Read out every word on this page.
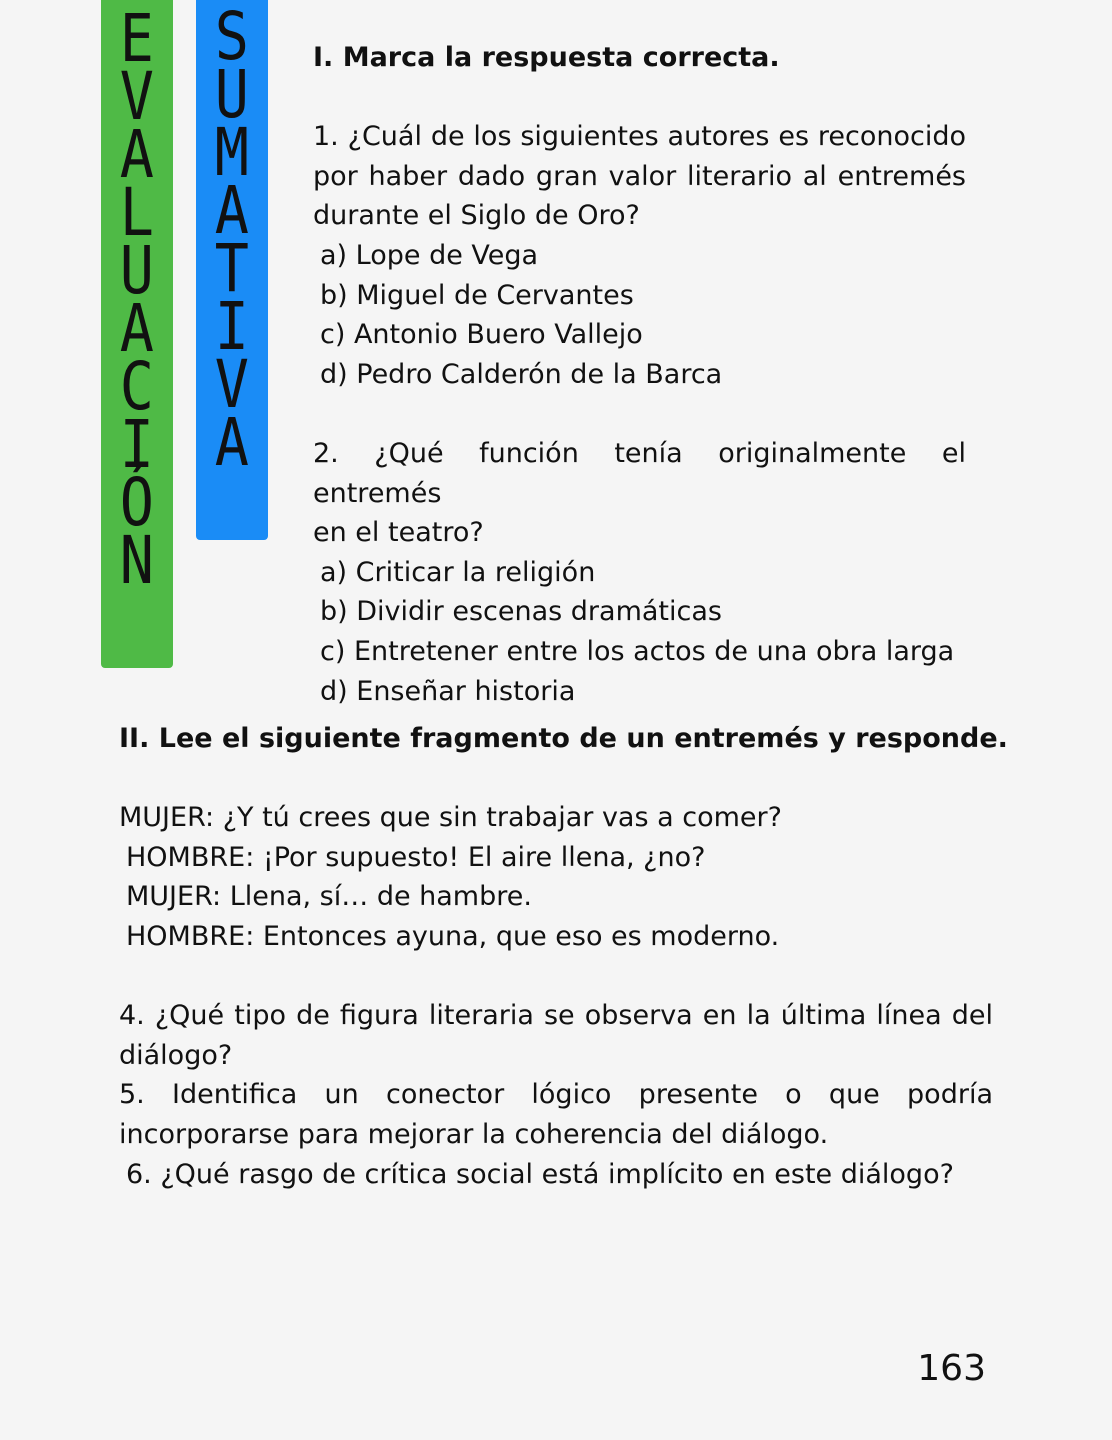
E
V
A
L
U
A
C
I
Ó
N
S
U
M
A
T
I
V
A
I. Marca la respuesta correcta.
1. ¿Cuál de los siguientes autores es reconocido
por haber dado gran valor literario al entremés
durante el Siglo de Oro?
a) Lope de Vega
b) Miguel de Cervantes
c) Antonio Buero Vallejo
d) Pedro Calderón de la Barca
2. ¿Qué función tenía originalmente el entremés
en el teatro?
a) Criticar la religión
b) Dividir escenas dramáticas
c) Entretener entre los actos de una obra larga
d) Enseñar historia
II. Lee el siguiente fragmento de un entremés y responde.
MUJER: ¿Y tú crees que sin trabajar vas a comer?
HOMBRE: ¡Por supuesto! El aire llena, ¿no?
MUJER: Llena, sí… de hambre.
HOMBRE: Entonces ayuna, que eso es moderno.
4. ¿Qué tipo de figura literaria se observa en la última línea del
diálogo?
5. Identifica un conector lógico presente o que podría
incorporarse para mejorar la coherencia del diálogo.
6. ¿Qué rasgo de crítica social está implícito en este diálogo?
163
